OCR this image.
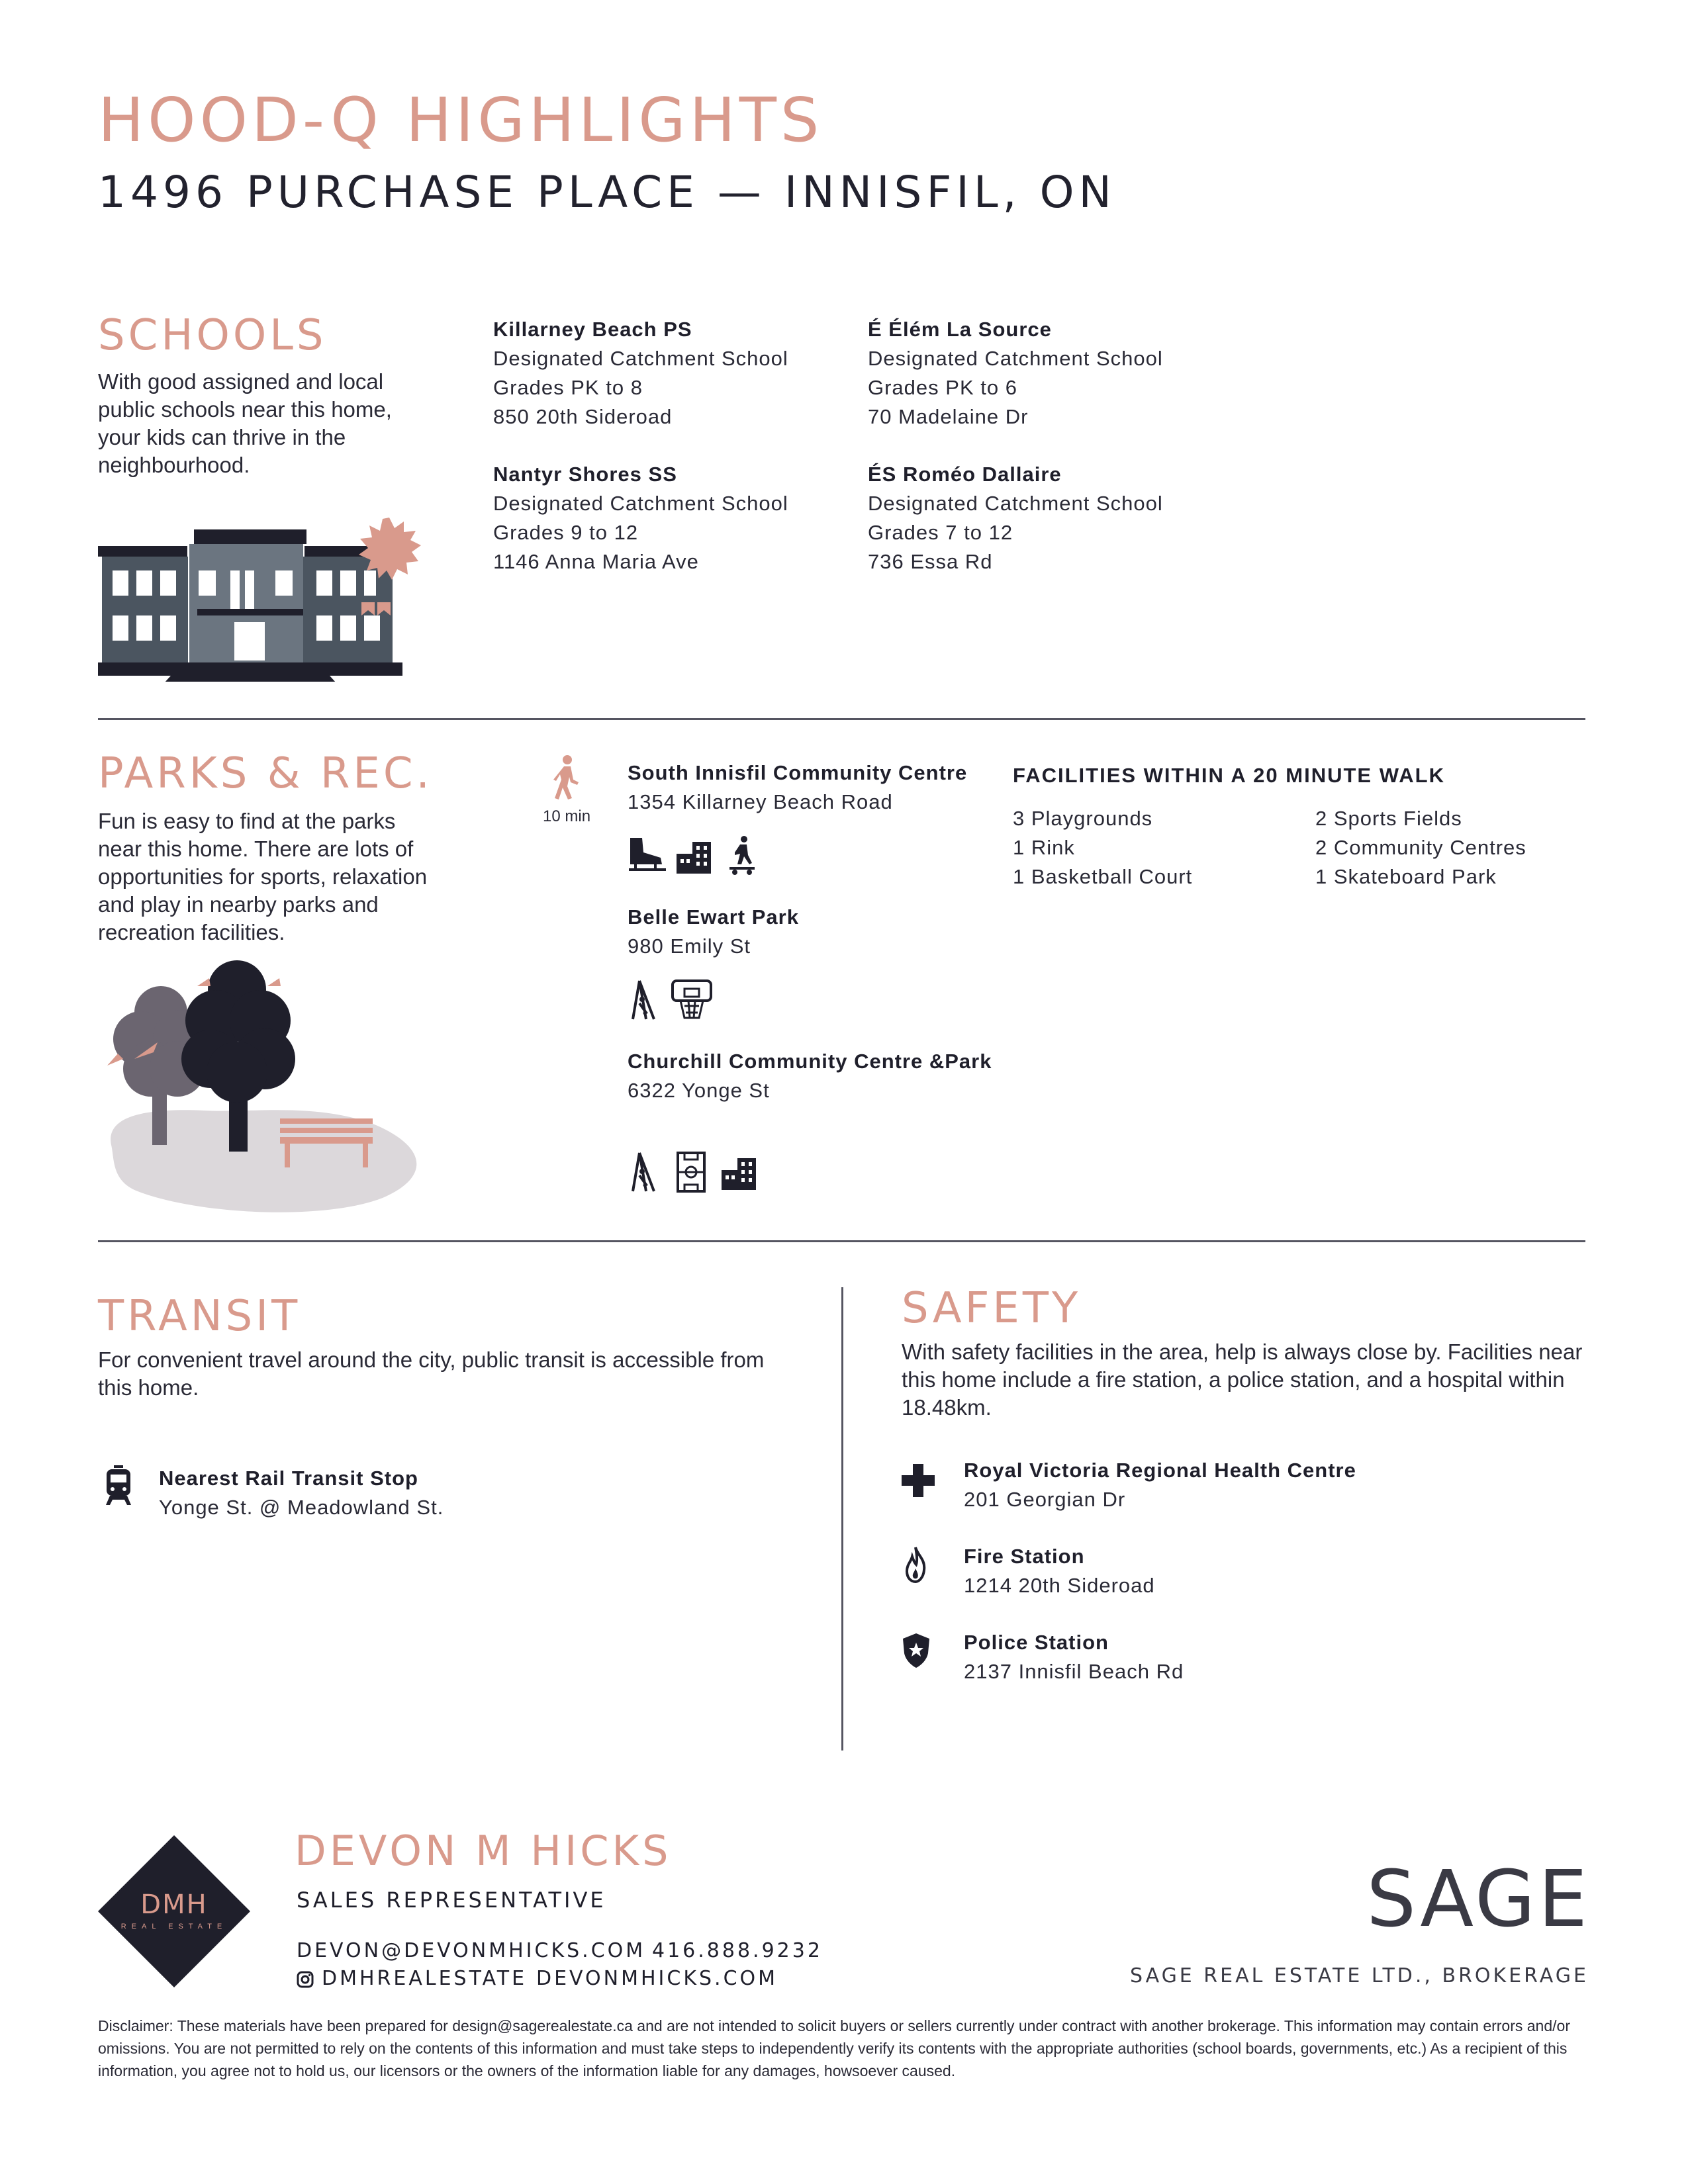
HOOD-Q HIGHLIGHTS
1496 PURCHASE PLACE — INNISFIL, ON
SCHOOLS
With good assigned and local public schools near this home, your kids can thrive in the neighbourhood.
Killarney Beach PS
Designated Catchment School
Grades PK to 8
850 20th Sideroad
É Élém La Source
Designated Catchment School
Grades PK to 6
70 Madelaine Dr
Nantyr Shores SS
Designated Catchment School
Grades 9 to 12
1146 Anna Maria Ave
ÉS Roméo Dallaire
Designated Catchment School
Grades 7 to 12
736 Essa Rd
PARKS & REC.
Fun is easy to find at the parks near this home. There are lots of opportunities for sports, relaxation and play in nearby parks and recreation facilities.
10 min
South Innisfil Community Centre
1354 Killarney Beach Road
Belle Ewart Park
980 Emily St
Churchill Community Centre &Park
6322 Yonge St
FACILITIES WITHIN A 20 MINUTE WALK
3 Playgrounds
1 Rink
1 Basketball Court
2 Sports Fields
2 Community Centres
1 Skateboard Park
TRANSIT
For convenient travel around the city, public transit is accessible from this home.
Nearest Rail Transit Stop
Yonge St. @ Meadowland St.
SAFETY
With safety facilities in the area, help is always close by. Facilities near this home include a fire station, a police station, and a hospital within 18.48km.
Royal Victoria Regional Health Centre
201 Georgian Dr
Fire Station
1214 20th Sideroad
Police Station
2137 Innisfil Beach Rd
DMH
REAL ESTATE
DEVON M HICKS
SALES REPRESENTATIVE
DEVON@DEVONMHICKS.COM 416.888.9232
DMHREALESTATE DEVONMHICKS.COM
SAGE
SAGE REAL ESTATE LTD., BROKERAGE
Disclaimer: These materials have been prepared for design@sagerealestate.ca and are not intended to solicit buyers or sellers currently under contract with another brokerage. This information may contain errors and/or omissions. You are not permitted to rely on the contents of this information and must take steps to independently verify its contents with the appropriate authorities (school boards, governments, etc.) As a recipient of this information, you agree not to hold us, our licensors or the owners of the information liable for any damages, howsoever caused.
